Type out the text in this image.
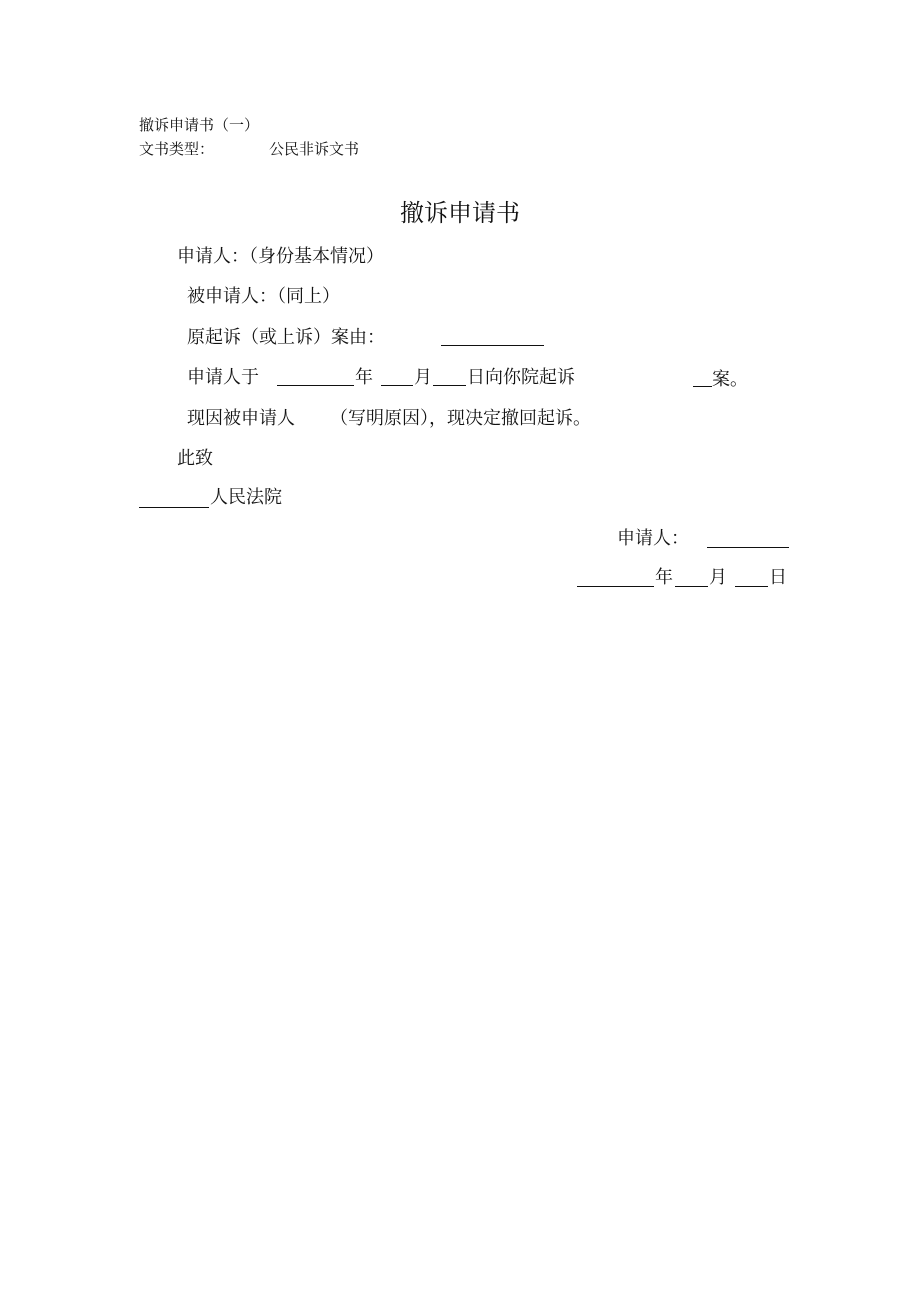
撤诉申请书（一）
文书类型：	公民非诉文书
撤诉申请书
申请人：（身份基本情况）
被申请人：（同上）
原起诉（或上诉）案由：
申请人于	年 月 日向你院起诉	案。
现因被申请人 （写明原因），现决定撤回起诉。
此致
人民法院
申请人：
年 月 日
